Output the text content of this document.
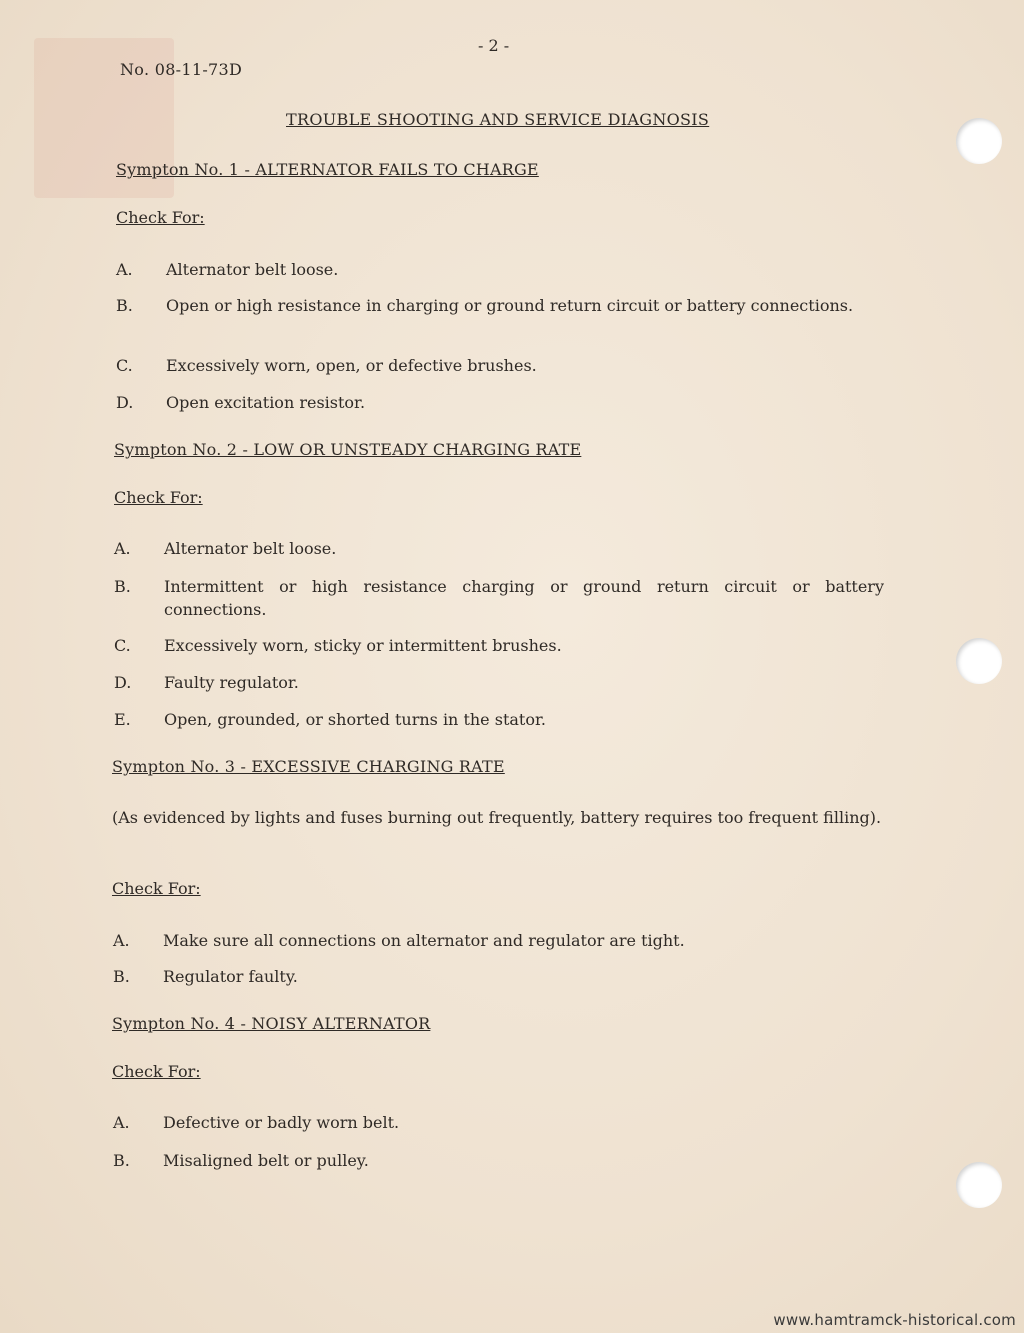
- 2 -
No. 08-11-73D
TROUBLE SHOOTING AND SERVICE DIAGNOSIS
Sympton No. 1 - ALTERNATOR FAILS TO CHARGE
Check For:
A. Alternator belt loose.
B. Open or high resistance in charging or ground return circuit or battery connections.
C. Excessively worn, open, or defective brushes.
D. Open excitation resistor.
Sympton No. 2 - LOW OR UNSTEADY CHARGING RATE
Check For:
A. Alternator belt loose.
B. Intermittent or high resistance charging or ground return circuit or battery connections.
C. Excessively worn, sticky or intermittent brushes.
D. Faulty regulator.
E. Open, grounded, or shorted turns in the stator.
Sympton No. 3 - EXCESSIVE CHARGING RATE
(As evidenced by lights and fuses burning out frequently, battery requires too frequent filling).
Check For:
A. Make sure all connections on alternator and regulator are tight.
B. Regulator faulty.
Sympton No. 4 - NOISY ALTERNATOR
Check For:
A. Defective or badly worn belt.
B. Misaligned belt or pulley.
www.hamtramck-historical.com
